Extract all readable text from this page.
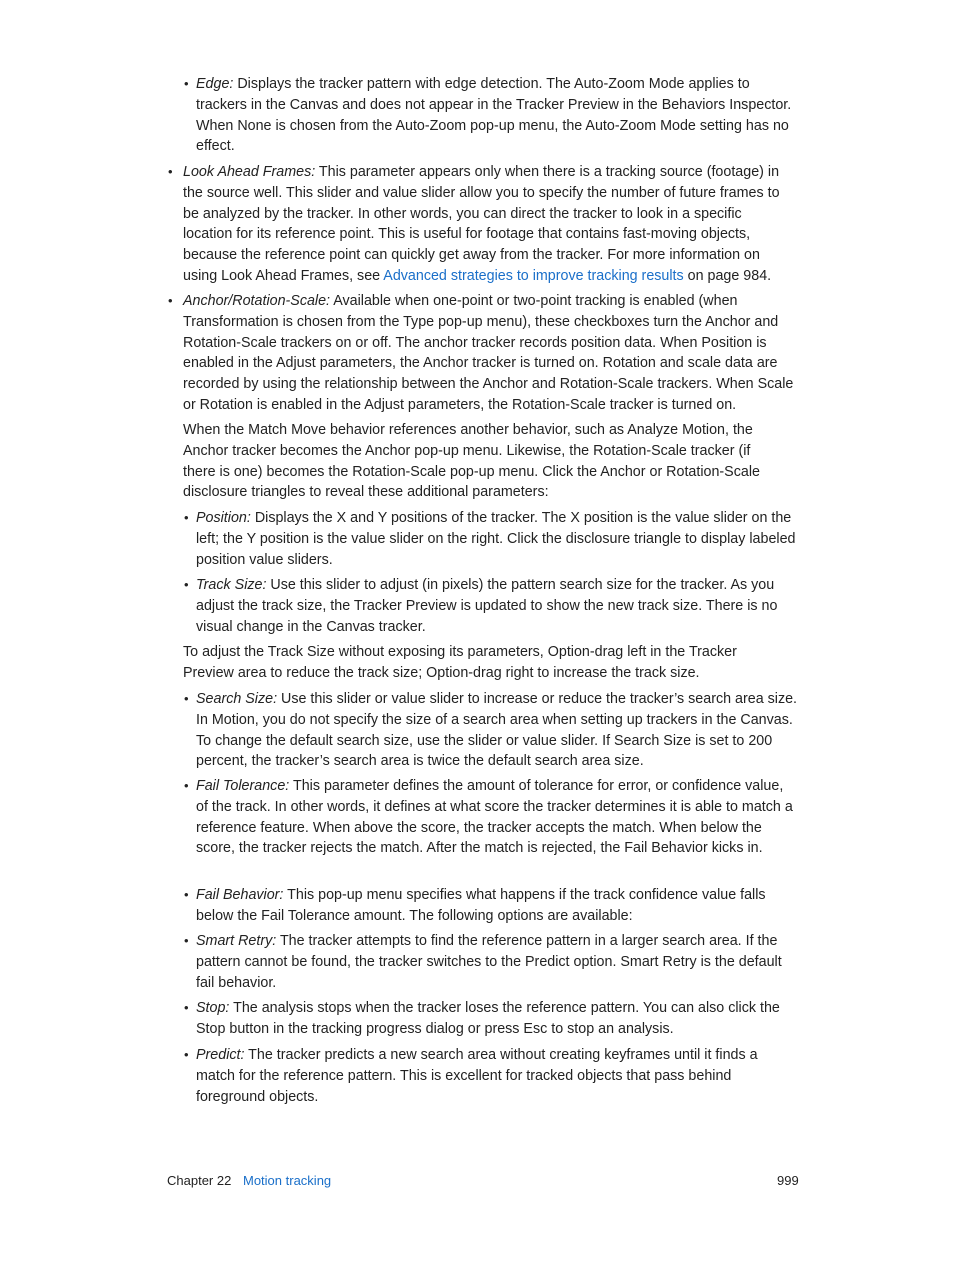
• Edge: Displays the tracker pattern with edge detection. The Auto-Zoom Mode applies to trackers in the Canvas and does not appear in the Tracker Preview in the Behaviors Inspector. When None is chosen from the Auto-Zoom pop-up menu, the Auto-Zoom Mode setting has no effect.
• Look Ahead Frames: This parameter appears only when there is a tracking source (footage) in the source well. This slider and value slider allow you to specify the number of future frames to be analyzed by the tracker. In other words, you can direct the tracker to look in a specific location for its reference point. This is useful for footage that contains fast-moving objects, because the reference point can quickly get away from the tracker. For more information on using Look Ahead Frames, see Advanced strategies to improve tracking results on page 984.
• Anchor/Rotation-Scale: Available when one-point or two-point tracking is enabled (when Transformation is chosen from the Type pop-up menu), these checkboxes turn the Anchor and Rotation-Scale trackers on or off. The anchor tracker records position data. When Position is enabled in the Adjust parameters, the Anchor tracker is turned on. Rotation and scale data are recorded by using the relationship between the Anchor and Rotation-Scale trackers. When Scale or Rotation is enabled in the Adjust parameters, the Rotation-Scale tracker is turned on.
When the Match Move behavior references another behavior, such as Analyze Motion, the Anchor tracker becomes the Anchor pop-up menu. Likewise, the Rotation-Scale tracker (if there is one) becomes the Rotation-Scale pop-up menu. Click the Anchor or Rotation-Scale disclosure triangles to reveal these additional parameters:
• Position: Displays the X and Y positions of the tracker. The X position is the value slider on the left; the Y position is the value slider on the right. Click the disclosure triangle to display labeled position value sliders.
• Track Size: Use this slider to adjust (in pixels) the pattern search size for the tracker. As you adjust the track size, the Tracker Preview is updated to show the new track size. There is no visual change in the Canvas tracker.
To adjust the Track Size without exposing its parameters, Option-drag left in the Tracker Preview area to reduce the track size; Option-drag right to increase the track size.
• Search Size: Use this slider or value slider to increase or reduce the tracker’s search area size. In Motion, you do not specify the size of a search area when setting up trackers in the Canvas. To change the default search size, use the slider or value slider. If Search Size is set to 200 percent, the tracker’s search area is twice the default search area size.
• Fail Tolerance: This parameter defines the amount of tolerance for error, or confidence value, of the track. In other words, it defines at what score the tracker determines it is able to match a reference feature. When above the score, the tracker accepts the match. When below the score, the tracker rejects the match. After the match is rejected, the Fail Behavior kicks in.
• Fail Behavior: This pop-up menu specifies what happens if the track confidence value falls below the Fail Tolerance amount. The following options are available:
• Smart Retry: The tracker attempts to find the reference pattern in a larger search area. If the pattern cannot be found, the tracker switches to the Predict option. Smart Retry is the default fail behavior.
• Stop: The analysis stops when the tracker loses the reference pattern. You can also click the Stop button in the tracking progress dialog or press Esc to stop an analysis.
• Predict: The tracker predicts a new search area without creating keyframes until it finds a match for the reference pattern. This is excellent for tracked objects that pass behind foreground objects.
Chapter 22 Motion tracking	999
